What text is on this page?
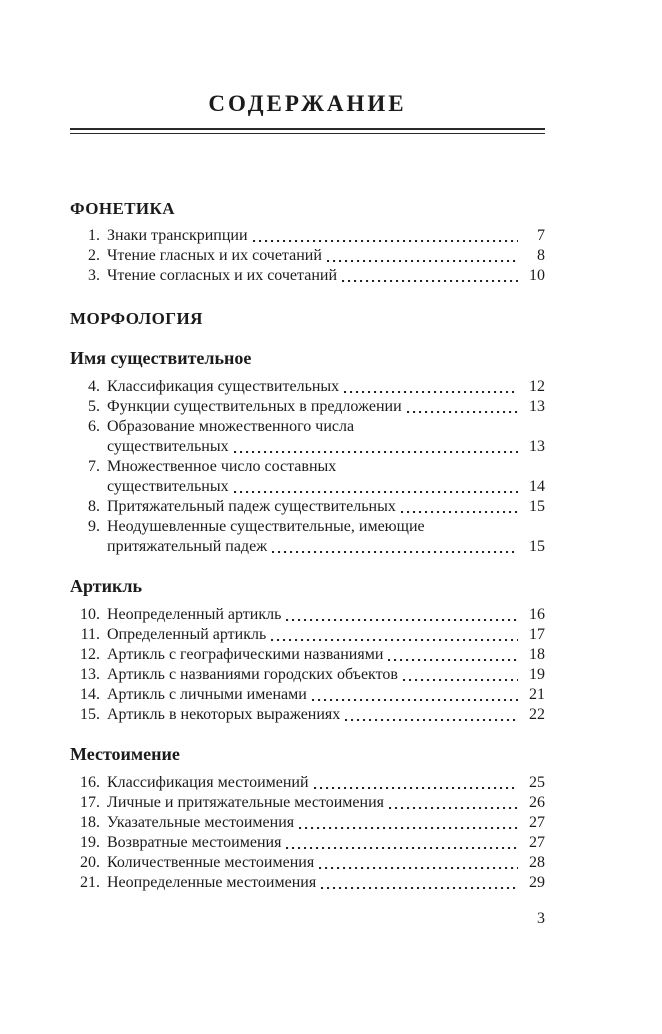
СОДЕРЖАНИЕ
ФОНЕТИКА
1. Знаки транскрипции	7
2. Чтение гласных и их сочетаний	8
3. Чтение согласных и их сочетаний	10
МОРФОЛОГИЯ
Имя существительное
4. Классификация существительных	12
5. Функции существительных в предложении	13
6. Образование множественного числа
существительных	13
7. Множественное число составных
существительных	14
8. Притяжательный падеж существительных	15
9. Неодушевленные существительные, имеющие
притяжательный падеж	15
Артикль
10. Неопределенный артикль	16
11. Определенный артикль	17
12. Артикль с географическими названиями	18
13. Артикль с названиями городских объектов	19
14. Артикль с личными именами	21
15. Артикль в некоторых выражениях	22
Местоимение
16. Классификация местоимений	25
17. Личные и притяжательные местоимения	26
18. Указательные местоимения	27
19. Возвратные местоимения	27
20. Количественные местоимения	28
21. Неопределенные местоимения	29
3
